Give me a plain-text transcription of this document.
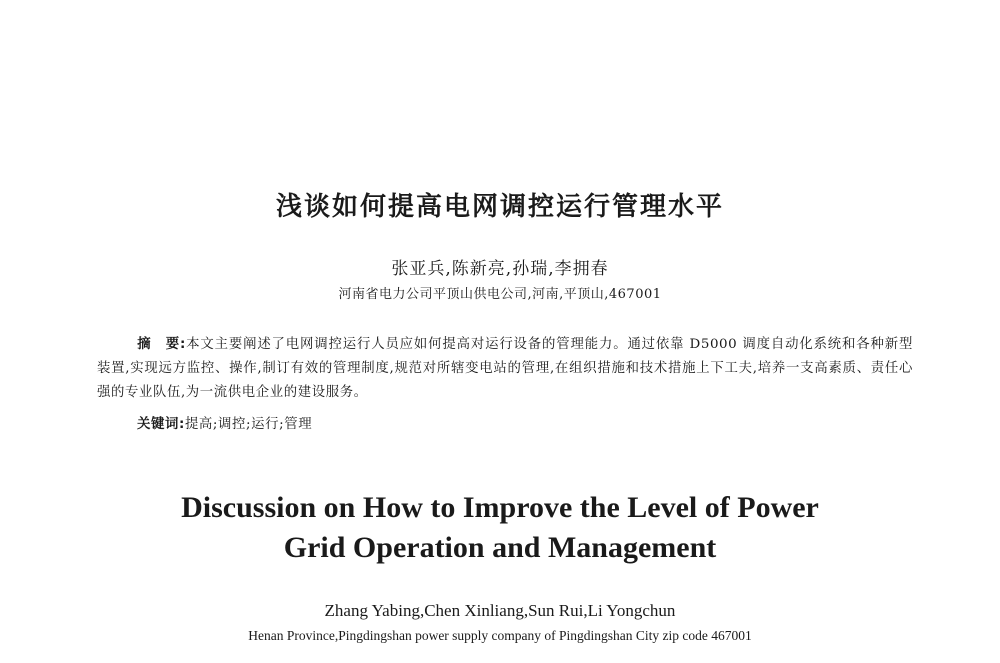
浅谈如何提高电网调控运行管理水平
张亚兵,陈新亮,孙瑞,李拥春
河南省电力公司平顶山供电公司,河南,平顶山,467001
摘　要:本文主要阐述了电网调控运行人员应如何提高对运行设备的管理能力。通过依靠 D5000 调度自动化系统和各种新型装置,实现远方监控、操作,制订有效的管理制度,规范对所辖变电站的管理,在组织措施和技术措施上下工夫,培养一支高素质、责任心强的专业队伍,为一流供电企业的建设服务。
关键词:提高;调控;运行;管理
Discussion on How to Improve the Level of Power
Grid Operation and Management
Zhang Yabing,Chen Xinliang,Sun Rui,Li Yongchun
Henan Province,Pingdingshan power supply company of Pingdingshan City zip code 467001
